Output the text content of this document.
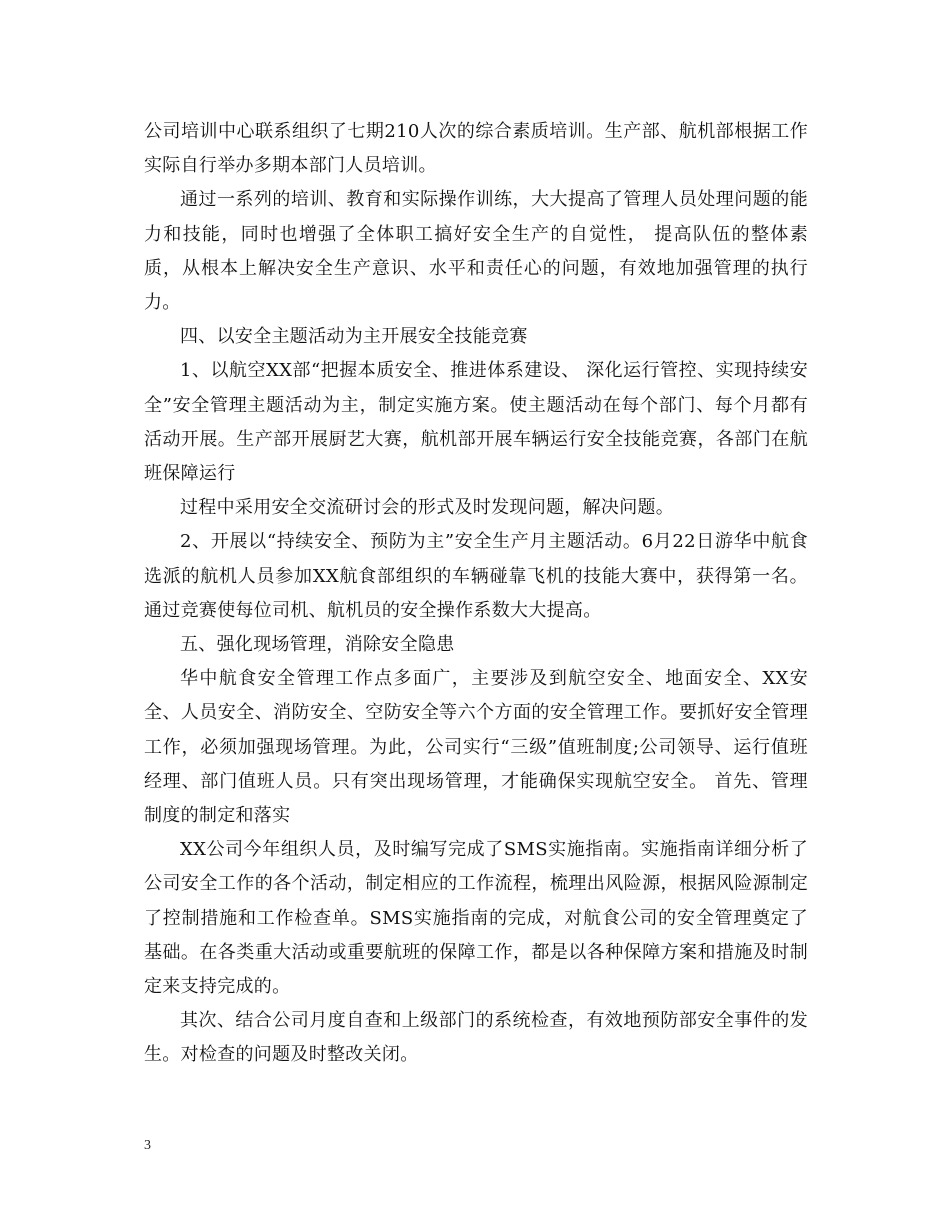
公司培训中心联系组织了七期210人次的综合素质培训。生产部、航机部根据工作实际自行举办多期本部门人员培训。

通过一系列的培训、教育和实际操作训练，大大提高了管理人员处理问题的能力和技能，同时也增强了全体职工搞好安全生产的自觉性， 提高队伍的整体素质，从根本上解决安全生产意识、水平和责任心的问题，有效地加强管理的执行力。

四、以安全主题活动为主开展安全技能竞赛

1、以航空XX部“把握本质安全、推进体系建设、 深化运行管控、实现持续安全”安全管理主题活动为主，制定实施方案。使主题活动在每个部门、每个月都有活动开展。生产部开展厨艺大赛，航机部开展车辆运行安全技能竞赛，各部门在航班保障运行

过程中采用安全交流研讨会的形式及时发现问题，解决问题。

2、开展以“持续安全、预防为主”安全生产月主题活动。6月22日游华中航食选派的航机人员参加XX航食部组织的车辆碰靠飞机的技能大赛中，获得第一名。通过竞赛使每位司机、航机员的安全操作系数大大提高。

五、强化现场管理，消除安全隐患

华中航食安全管理工作点多面广，主要涉及到航空安全、地面安全、XX安全、人员安全、消防安全、空防安全等六个方面的安全管理工作。要抓好安全管理工作，必须加强现场管理。为此，公司实行“三级”值班制度;公司领导、运行值班经理、部门值班人员。只有突出现场管理，才能确保实现航空安全。 首先、管理制度的制定和落实

XX公司今年组织人员，及时编写完成了SMS实施指南。实施指南详细分析了公司安全工作的各个活动，制定相应的工作流程，梳理出风险源，根据风险源制定了控制措施和工作检查单。SMS实施指南的完成，对航食公司的安全管理奠定了基础。在各类重大活动或重要航班的保障工作，都是以各种保障方案和措施及时制定来支持完成的。

其次、结合公司月度自查和上级部门的系统检查，有效地预防部安全事件的发生。对检查的问题及时整改关闭。

3
